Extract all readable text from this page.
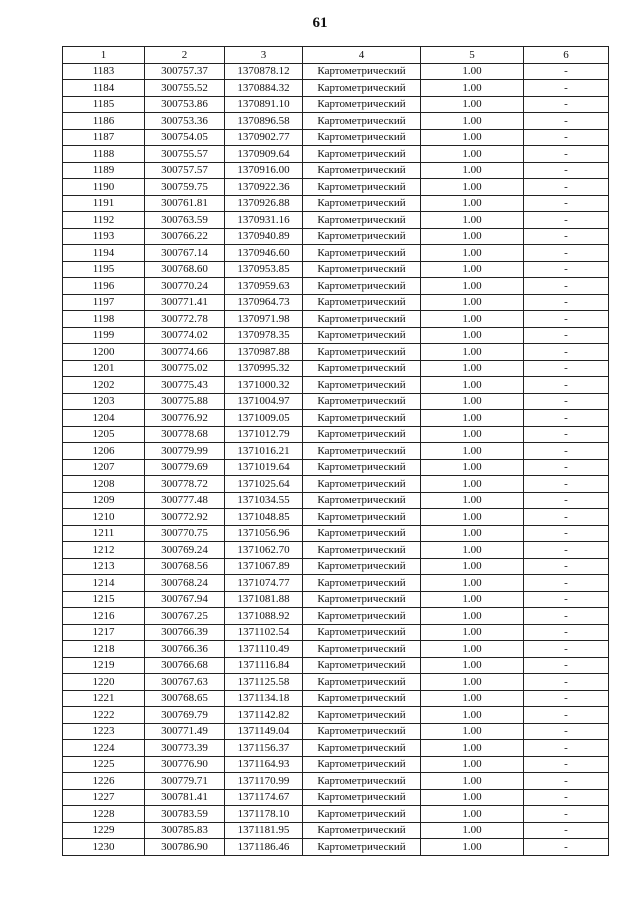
61
1	2	3	4	5	6
1183	300757.37	1370878.12	Картометрический	1.00	-
1184	300755.52	1370884.32	Картометрический	1.00	-
1185	300753.86	1370891.10	Картометрический	1.00	-
1186	300753.36	1370896.58	Картометрический	1.00	-
1187	300754.05	1370902.77	Картометрический	1.00	-
1188	300755.57	1370909.64	Картометрический	1.00	-
1189	300757.57	1370916.00	Картометрический	1.00	-
1190	300759.75	1370922.36	Картометрический	1.00	-
1191	300761.81	1370926.88	Картометрический	1.00	-
1192	300763.59	1370931.16	Картометрический	1.00	-
1193	300766.22	1370940.89	Картометрический	1.00	-
1194	300767.14	1370946.60	Картометрический	1.00	-
1195	300768.60	1370953.85	Картометрический	1.00	-
1196	300770.24	1370959.63	Картометрический	1.00	-
1197	300771.41	1370964.73	Картометрический	1.00	-
1198	300772.78	1370971.98	Картометрический	1.00	-
1199	300774.02	1370978.35	Картометрический	1.00	-
1200	300774.66	1370987.88	Картометрический	1.00	-
1201	300775.02	1370995.32	Картометрический	1.00	-
1202	300775.43	1371000.32	Картометрический	1.00	-
1203	300775.88	1371004.97	Картометрический	1.00	-
1204	300776.92	1371009.05	Картометрический	1.00	-
1205	300778.68	1371012.79	Картометрический	1.00	-
1206	300779.99	1371016.21	Картометрический	1.00	-
1207	300779.69	1371019.64	Картометрический	1.00	-
1208	300778.72	1371025.64	Картометрический	1.00	-
1209	300777.48	1371034.55	Картометрический	1.00	-
1210	300772.92	1371048.85	Картометрический	1.00	-
1211	300770.75	1371056.96	Картометрический	1.00	-
1212	300769.24	1371062.70	Картометрический	1.00	-
1213	300768.56	1371067.89	Картометрический	1.00	-
1214	300768.24	1371074.77	Картометрический	1.00	-
1215	300767.94	1371081.88	Картометрический	1.00	-
1216	300767.25	1371088.92	Картометрический	1.00	-
1217	300766.39	1371102.54	Картометрический	1.00	-
1218	300766.36	1371110.49	Картометрический	1.00	-
1219	300766.68	1371116.84	Картометрический	1.00	-
1220	300767.63	1371125.58	Картометрический	1.00	-
1221	300768.65	1371134.18	Картометрический	1.00	-
1222	300769.79	1371142.82	Картометрический	1.00	-
1223	300771.49	1371149.04	Картометрический	1.00	-
1224	300773.39	1371156.37	Картометрический	1.00	-
1225	300776.90	1371164.93	Картометрический	1.00	-
1226	300779.71	1371170.99	Картометрический	1.00	-
1227	300781.41	1371174.67	Картометрический	1.00	-
1228	300783.59	1371178.10	Картометрический	1.00	-
1229	300785.83	1371181.95	Картометрический	1.00	-
1230	300786.90	1371186.46	Картометрический	1.00	-
